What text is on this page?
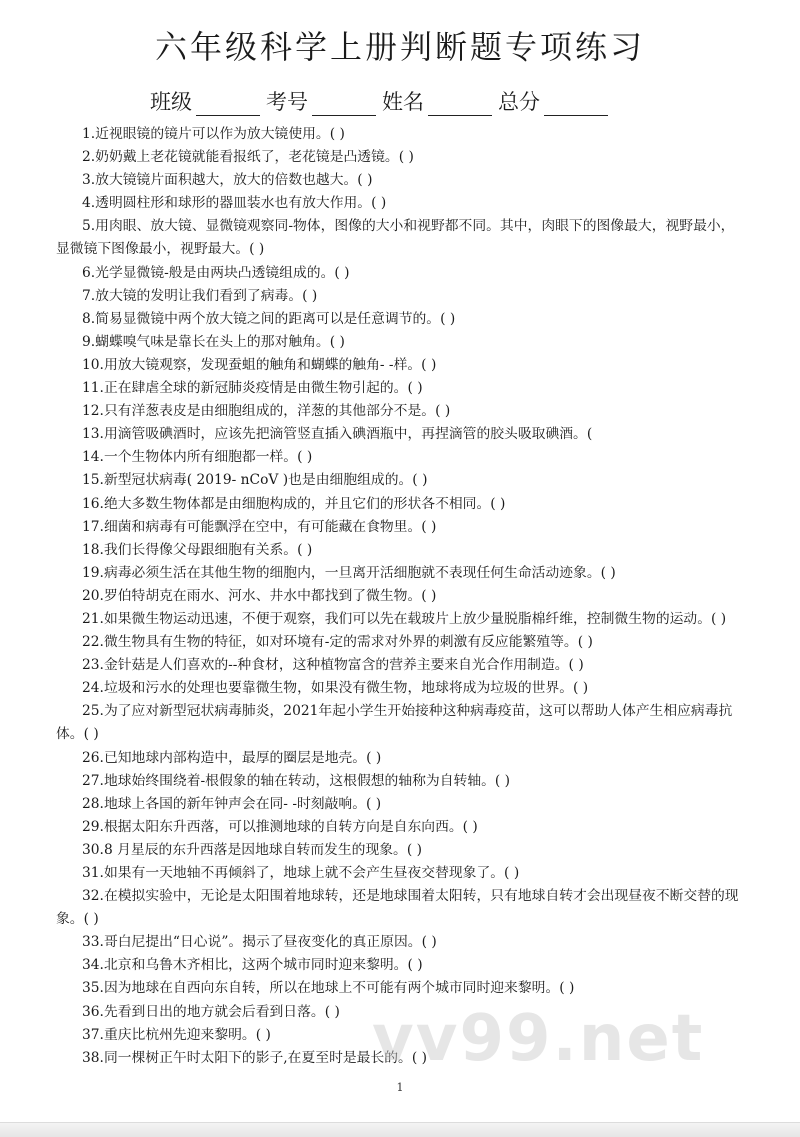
六年级科学上册判断题专项练习
班级	考号	姓名	总分
1.近视眼镜的镜片可以作为放大镜使用。( )
2.奶奶戴上老花镜就能看报纸了，老花镜是凸透镜。( )
3.放大镜镜片面积越大，放大的倍数也越大。( )
4.透明圆柱形和球形的器皿装水也有放大作用。( )
5.用肉眼、放大镜、显微镜观察同-物体，图像的大小和视野都不同。其中，肉眼下的图像最大，视野最小，显微镜下图像最小，视野最大。( )
6.光学显微镜-般是由两块凸透镜组成的。( )
7.放大镜的发明让我们看到了病毒。( )
8.简易显微镜中两个放大镜之间的距离可以是任意调节的。( )
9.蝴蝶嗅气味是靠长在头上的那对触角。( )
10.用放大镜观察，发现蚕蛆的触角和蝴蝶的触角- -样。( )
11.正在肆虐全球的新冠肺炎疫情是由微生物引起的。( )
12.只有洋葱表皮是由细胞组成的，洋葱的其他部分不是。( )
13.用滴管吸碘酒时，应该先把滴管竖直插入碘酒瓶中，再捏滴管的胶头吸取碘酒。(
14.一个生物体内所有细胞都一样。( )
15.新型冠状病毒( 2019- nCoV )也是由细胞组成的。( )
16.绝大多数生物体都是由细胞构成的，并且它们的形状各不相同。( )
17.细菌和病毒有可能飘浮在空中，有可能藏在食物里。( )
18.我们长得像父母跟细胞有关系。( )
19.病毒必须生活在其他生物的细胞内，一旦离开活细胞就不表现任何生命活动迹象。( )
20.罗伯特胡克在雨水、河水、井水中都找到了微生物。( )
21.如果微生物运动迅速，不便于观察，我们可以先在载玻片上放少量脱脂棉纤维，控制微生物的运动。( )
22.微生物具有生物的特征，如对环境有-定的需求对外界的刺激有反应能繁殖等。( )
23.金针菇是人们喜欢的--种食材，这种植物富含的营养主要来自光合作用制造。( )
24.垃圾和污水的处理也要靠微生物，如果没有微生物，地球将成为垃圾的世界。( )
25.为了应对新型冠状病毒肺炎，2021年起小学生开始接种这种病毒疫苗，这可以帮助人体产生相应病毒抗体。( )
26.已知地球内部构造中，最厚的圈层是地壳。( )
27.地球始终围绕着-根假象的轴在转动，这根假想的轴称为自转轴。( )
28.地球上各国的新年钟声会在同- -时刻敲响。( )
29.根据太阳东升西落，可以推测地球的自转方向是自东向西。( )
30.8 月星辰的东升西落是因地球自转而发生的现象。( )
31.如果有一天地轴不再倾斜了，地球上就不会产生昼夜交替现象了。( )
32.在模拟实验中，无论是太阳围着地球转，还是地球围着太阳转，只有地球自转才会出现昼夜不断交替的现象。( )
33.哥白尼提出“日心说”。揭示了昼夜变化的真正原因。( )
34.北京和乌鲁木齐相比，这两个城市同时迎来黎明。( )
35.因为地球在自西向东自转，所以在地球上不可能有两个城市同时迎来黎明。( )
36.先看到日出的地方就会后看到日落。( )
37.重庆比杭州先迎来黎明。( )
38.同一棵树正午时太阳下的影子,在夏至时是最长的。( )
vv99.net
1
